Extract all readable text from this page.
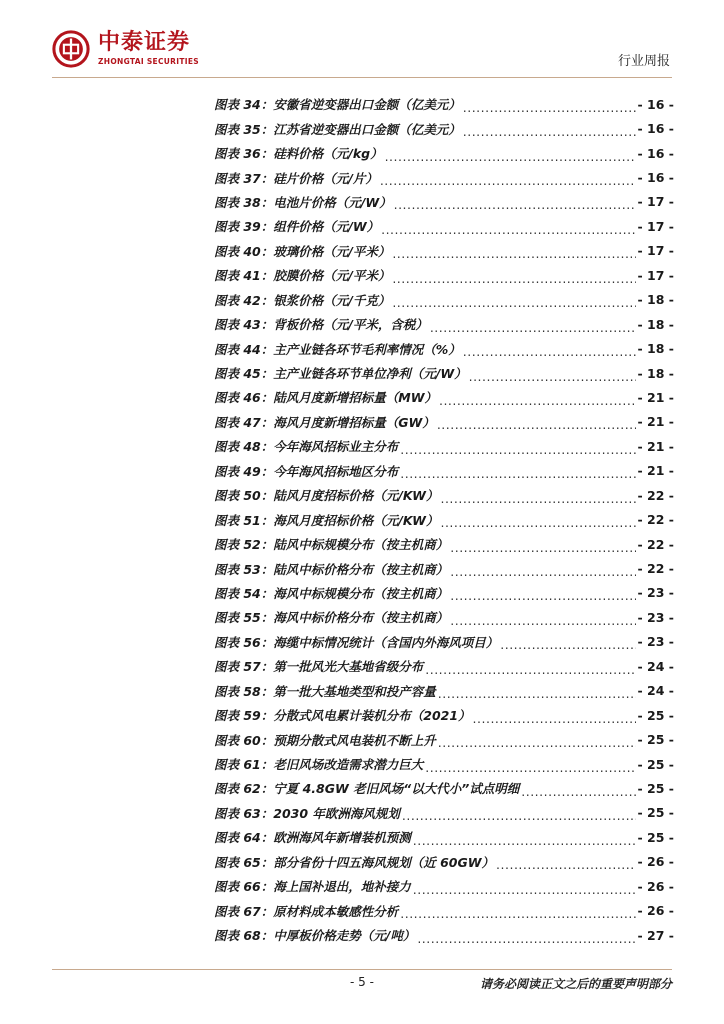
中泰证券
ZHONGTAI SECURITIES	行业周报
图表 34： 安徽省逆变器出口金额（亿美元） .....	- 16 -
图表 35： 江苏省逆变器出口金额（亿美元） .....	- 16 -
图表 36： 硅料价格（元/kg） .....	- 16 -
图表 37： 硅片价格（元/片） .....	- 16 -
图表 38： 电池片价格（元/W） .....	- 17 -
图表 39： 组件价格（元/W） .....	- 17 -
图表 40： 玻璃价格（元/平米） .....	- 17 -
图表 41： 胶膜价格（元/平米） .....	- 17 -
图表 42： 银浆价格（元/千克） .....	- 18 -
图表 43： 背板价格（元/平米，含税） .....	- 18 -
图表 44： 主产业链各环节毛利率情况（%） .....	- 18 -
图表 45： 主产业链各环节单位净利（元/W） .....	- 18 -
图表 46： 陆风月度新增招标量（MW） .....	- 21 -
图表 47： 海风月度新增招标量（GW） .....	- 21 -
图表 48： 今年海风招标业主分布 .....	- 21 -
图表 49： 今年海风招标地区分布 .....	- 21 -
图表 50： 陆风月度招标价格（元/KW） .....	- 22 -
图表 51： 海风月度招标价格（元/KW） .....	- 22 -
图表 52： 陆风中标规模分布（按主机商） .....	- 22 -
图表 53： 陆风中标价格分布（按主机商） .....	- 22 -
图表 54： 海风中标规模分布（按主机商） .....	- 23 -
图表 55： 海风中标价格分布（按主机商） .....	- 23 -
图表 56： 海缆中标情况统计（含国内外海风项目） .....	- 23 -
图表 57： 第一批风光大基地省级分布 .....	- 24 -
图表 58： 第一批大基地类型和投产容量 .....	- 24 -
图表 59： 分散式风电累计装机分布（2021） .....	- 25 -
图表 60： 预期分散式风电装机不断上升 .....	- 25 -
图表 61： 老旧风场改造需求潜力巨大 .....	- 25 -
图表 62： 宁夏 4.8GW 老旧风场“以大代小”试点明细 .....	- 25 -
图表 63： 2030 年欧洲海风规划 .....	- 25 -
图表 64： 欧洲海风年新增装机预测 .....	- 25 -
图表 65： 部分省份十四五海风规划（近 60GW） .....	- 26 -
图表 66： 海上国补退出，地补接力 .....	- 26 -
图表 67： 原材料成本敏感性分析 .....	- 26 -
图表 68： 中厚板价格走势（元/吨） .....	- 27 -
- 5 -	请务必阅读正文之后的重要声明部分
